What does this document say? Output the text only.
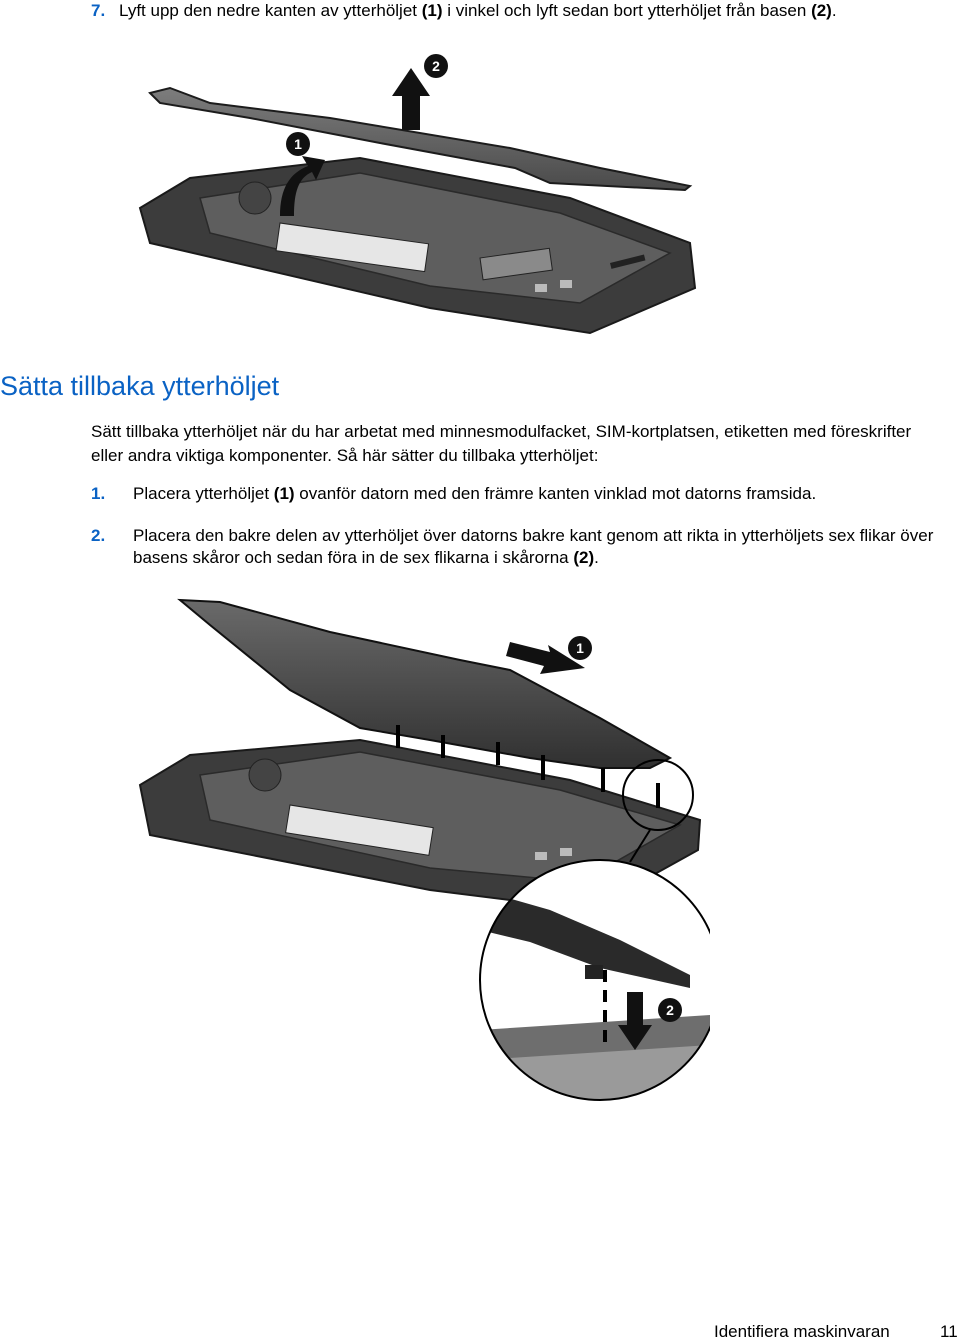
7. Lyft upp den nedre kanten av ytterhöljet (1) i vinkel och lyft sedan bort ytterhöljet från basen (2).
1
2
Sätta tillbaka ytterhöljet
Sätt tillbaka ytterhöljet när du har arbetat med minnesmodulfacket, SIM-kortplatsen, etiketten med föreskrifter eller andra viktiga komponenter. Så här sätter du tillbaka ytterhöljet:
1. Placera ytterhöljet (1) ovanför datorn med den främre kanten vinklad mot datorns framsida.
2. Placera den bakre delen av ytterhöljet över datorns bakre kant genom att rikta in ytterhöljets sex flikar över basens skåror och sedan föra in de sex flikarna i skårorna (2).
1
2
Identifiera maskinvaran	11
